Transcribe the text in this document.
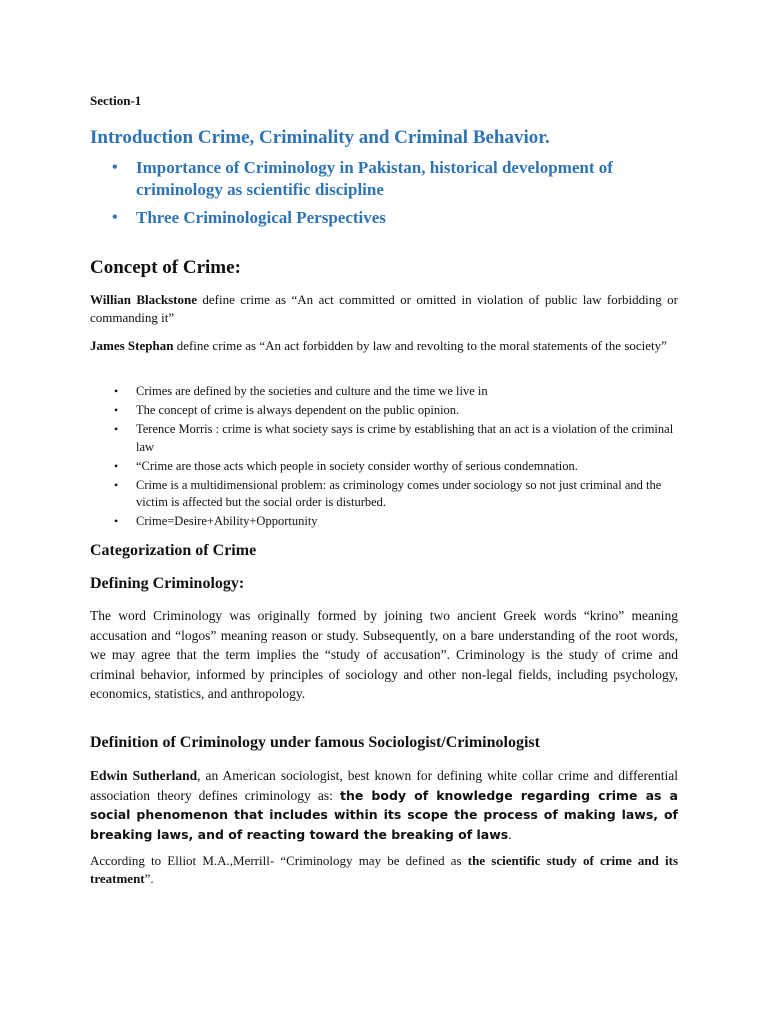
Section-1
Introduction Crime, Criminality and Criminal Behavior.
• Importance of Criminology in Pakistan, historical development of criminology as scientific discipline
• Three Criminological Perspectives
Concept of Crime:

Willian Blackstone define crime as “An act committed or omitted in violation of public law forbidding or commanding it”

James Stephan define crime as “An act forbidden by law and revolting to the moral statements of the society”

• Crimes are defined by the societies and culture and the time we live in
• The concept of crime is always dependent on the public opinion.
• Terence Morris : crime is what society says is crime by establishing that an act is a violation of the criminal law
• “Crime are those acts which people in society consider worthy of serious condemnation.
• Crime is a multidimensional problem: as criminology comes under sociology so not just criminal and the victim is affected but the social order is disturbed.
• Crime=Desire+Ability+Opportunity
Categorization of Crime
Defining Criminology:

The word Criminology was originally formed by joining two ancient Greek words “krino” meaning accusation and “logos” meaning reason or study. Subsequently, on a bare understanding of the root words, we may agree that the term implies the “study of accusation”. Criminology is the study of crime and criminal behavior, informed by principles of sociology and other non-legal fields, including psychology, economics, statistics, and anthropology.

Definition of Criminology under famous Sociologist/Criminologist

Edwin Sutherland, an American sociologist, best known for defining white collar crime and differential association theory defines criminology as: the body of knowledge regarding crime as a social phenomenon that includes within its scope the process of making laws, of breaking laws, and of reacting toward the breaking of laws.

According to Elliot M.A.,Merrill- “Criminology may be defined as the scientific study of crime and its treatment”.
